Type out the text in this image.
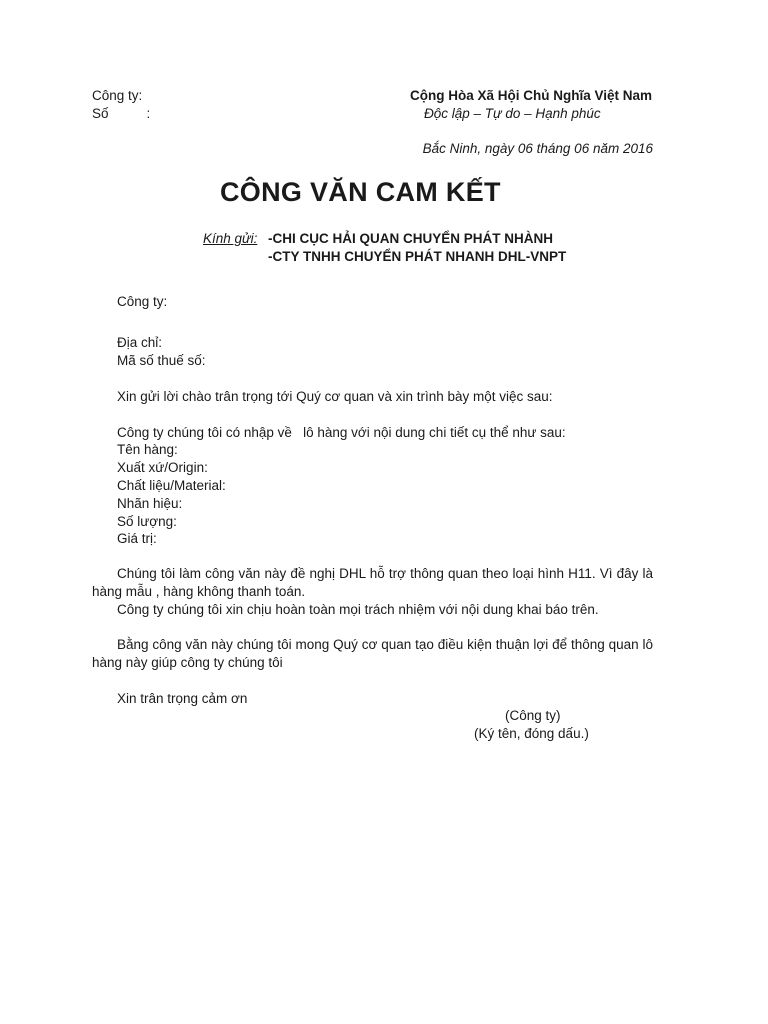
Công ty:
Số	:
Cộng Hòa Xã Hội Chủ Nghĩa Việt Nam
Độc lập – Tự do – Hạnh phúc
Bắc Ninh, ngày 06 tháng 06 năm 2016
CÔNG VĂN CAM KẾT
Kính gửi: -CHI CỤC HẢI QUAN CHUYỂN PHÁT NHÀNH
-CTY TNHH CHUYỂN PHÁT NHANH DHL-VNPT
Công ty:
Địa chỉ:
Mã số thuế số:
Xin gửi lời chào trân trọng tới Quý cơ quan và xin trình bày một việc sau:
Công ty chúng tôi có nhập về   lô hàng với nội dung chi tiết cụ thể như sau:
Tên hàng:
Xuất xứ/Origin:
Chất liệu/Material:
Nhãn hiệu:
Số lượng:
Giá trị:
Chúng tôi làm công văn này đề nghị DHL hỗ trợ thông quan theo loại hình H11. Vì đây là hàng mẫu , hàng không thanh toán.
Công ty chúng tôi xin chịu hoàn toàn mọi trách nhiệm với nội dung khai báo trên.
Bằng công văn này chúng tôi mong Quý cơ quan tạo điều kiện thuận lợi để thông quan lô hàng này giúp công ty chúng tôi
Xin trân trọng cảm ơn
(Công ty)
(Ký tên, đóng dấu.)
